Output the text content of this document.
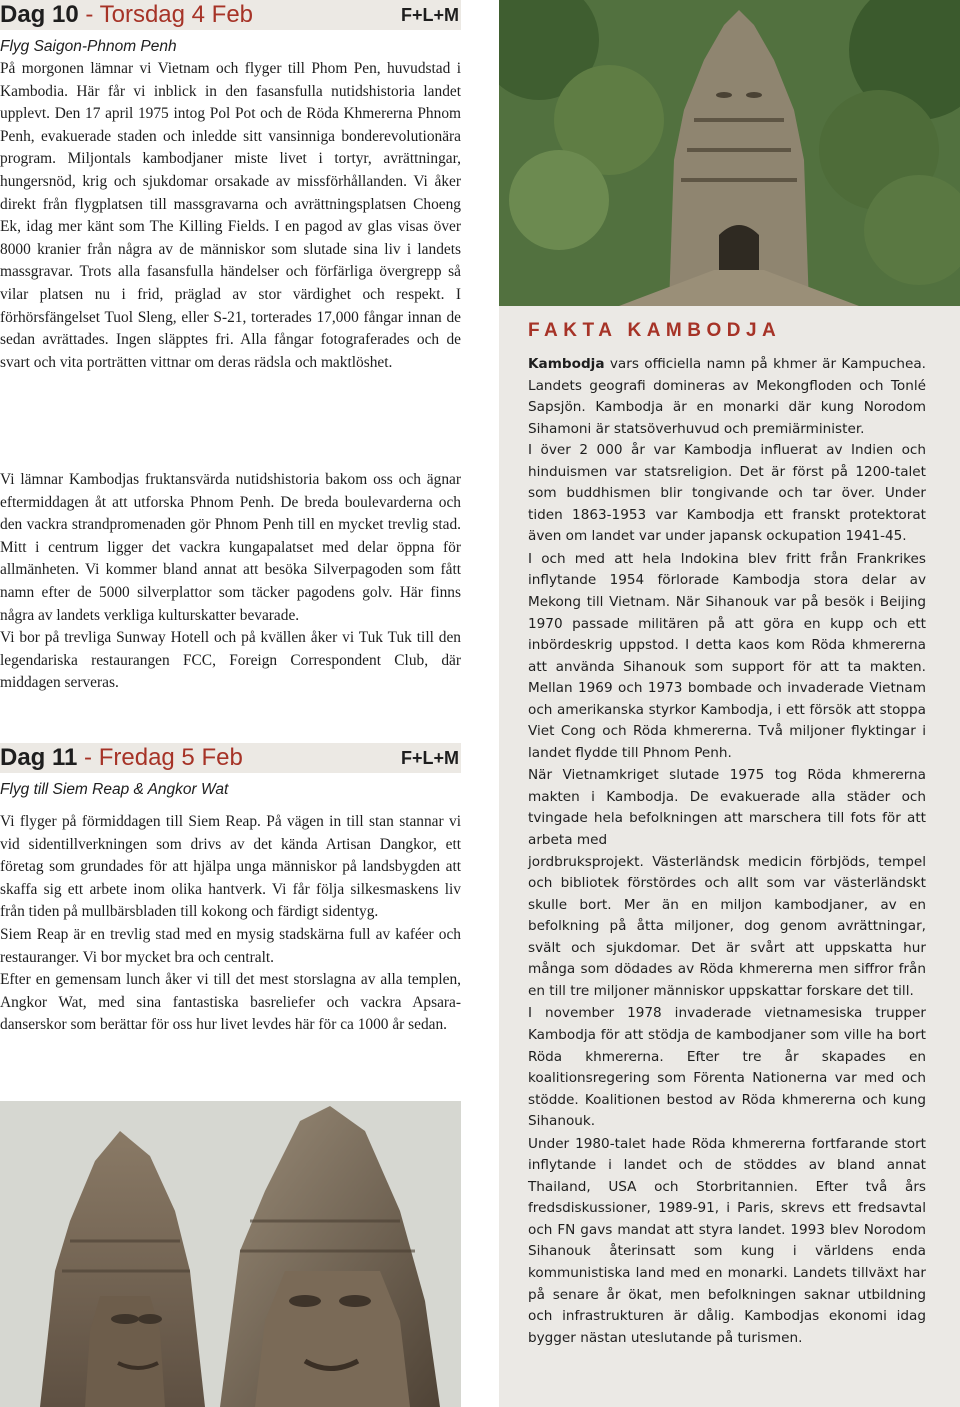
Dag 10 - Torsdag 4 Feb	F+L+M
Flyg Saigon-Phnom Penh

På morgonen lämnar vi Vietnam och flyger till Phom Pen, huvudstad i Kambodia. Här får vi inblick in den fasansfulla nutidshistoria landet upplevt. Den 17 april 1975 intog Pol Pot och de Röda Khmererna Phnom Penh, evakuerade staden och inledde sitt vansinniga bonderevolutionära program. Miljontals kambodjaner miste livet i tortyr, avrättningar, hungersnöd, krig och sjukdomar orsakade av missförhållanden. Vi åker direkt från flygplatsen till massgravarna och avrättningsplatsen Choeng Ek, idag mer känt som The Killing Fields. I en pagod av glas visas över 8000 kranier från några av de människor som slutade sina liv i landets massgravar. Trots alla fasansfulla händelser och förfärliga övergrepp så vilar platsen nu i frid, präglad av stor värdighet och respekt. I förhörsfängelset Tuol Sleng, eller S-21, torterades 17,000 fångar innan de sedan avrättades. Ingen släpptes fri. Alla fångar fotograferades och de svart och vita porträtten vittnar om deras rädsla och maktlöshet.

Vi lämnar Kambodjas fruktansvärda nutidshistoria bakom oss och ägnar eftermiddagen åt att utforska Phnom Penh. De breda boulevarderna och den vackra strandpromenaden gör Phnom Penh till en mycket trevlig stad. Mitt i centrum ligger det vackra kungapalatset med delar öppna för allmänheten. Vi kommer bland annat att besöka Silverpagoden som fått namn efter de 5000 silverplattor som täcker pagodens golv. Här finns några av landets verkliga kulturskatter bevarade.

Vi bor på trevliga Sunway Hotell och på kvällen åker vi Tuk Tuk till den legendariska restaurangen FCC, Foreign Correspondent Club, där middagen serveras.

Dag 11 - Fredag 5 Feb	F+L+M
Flyg till Siem Reap & Angkor Wat

Vi flyger på förmiddagen till Siem Reap. På vägen in till stan stannar vi vid sidentillverkningen som drivs av det kända Artisan Dangkor, ett företag som grundades för att hjälpa unga människor på landsbygden att skaffa sig ett arbete inom olika hantverk. Vi får följa silkesmaskens liv från tiden på mullbärsbladen till kokong och färdigt sidentyg.

Siem Reap är en trevlig stad med en mysig stadskärna full av kaféer och restauranger. Vi bor mycket bra och centralt.

Efter en gemensam lunch åker vi till det mest storslagna av alla templen, Angkor Wat, med sina fantastiska basreliefer och vackra Apsara-danserskor som berättar för oss hur livet levdes här för ca 1000 år sedan.

FAKTA KAMBODJA

Kambodja vars officiella namn på khmer är Kampuchea. Landets geografi domineras av Mekongfloden och Tonlé Sapsjön. Kambodja är en monarki där kung Norodom Sihamoni är statsöverhuvud och premiärminister.

I över 2 000 år var Kambodja influerat av Indien och hinduismen var statsreligion. Det är först på 1200-talet som buddhismen blir tongivande och tar över. Under tiden 1863-1953 var Kambodja ett franskt protektorat även om landet var under japansk ockupation 1941-45.

I och med att hela Indokina blev fritt från Frankrikes inflytande 1954 förlorade Kambodja stora delar av Mekong till Vietnam. När Sihanouk var på besök i Beijing 1970 passade militären på att göra en kupp och ett inbördeskrig uppstod. I detta kaos kom Röda khmererna att använda Sihanouk som support för att ta makten. Mellan 1969 och 1973 bombade och invaderade Vietnam och amerikanska styrkor Kambodja, i ett försök att stoppa Viet Cong och Röda khmererna. Två miljoner flyktingar i landet flydde till Phnom Penh.

När Vietnamkriget slutade 1975 tog Röda khmererna makten i Kambodja. De evakuerade alla städer och tvingade hela befolkningen att marschera till fots för att arbeta med

jordbruksprojekt. Västerländsk medicin förbjöds, tempel och bibliotek förstördes och allt som var västerländskt skulle bort. Mer än en miljon kambodjaner, av en befolkning på åtta miljoner, dog genom avrättningar, svält och sjukdomar. Det är svårt att uppskatta hur många som dödades av Röda khmererna men siffror från en till tre miljoner människor uppskattar forskare det till.

I november 1978 invaderade vietnamesiska trupper Kambodja för att stödja de kambodjaner som ville ha bort Röda khmererna. Efter tre år skapades en koalitionsregering som Förenta Nationerna var med och stödde. Koalitionen bestod av Röda khmererna och kung Sihanouk.

Under 1980-talet hade Röda khmererna fortfarande stort inflytande i landet och de stöddes av bland annat Thailand, USA och Storbritannien. Efter två års fredsdiskussioner, 1989-91, i Paris, skrevs ett fredsavtal och FN gavs mandat att styra landet. 1993 blev Norodom Sihanouk återinsatt som kung i världens enda kommunistiska land med en monarki. Landets tillväxt har på senare år ökat, men befolkningen saknar utbildning och infrastrukturen är dålig. Kambodjas ekonomi idag bygger nästan uteslutande på turismen.
